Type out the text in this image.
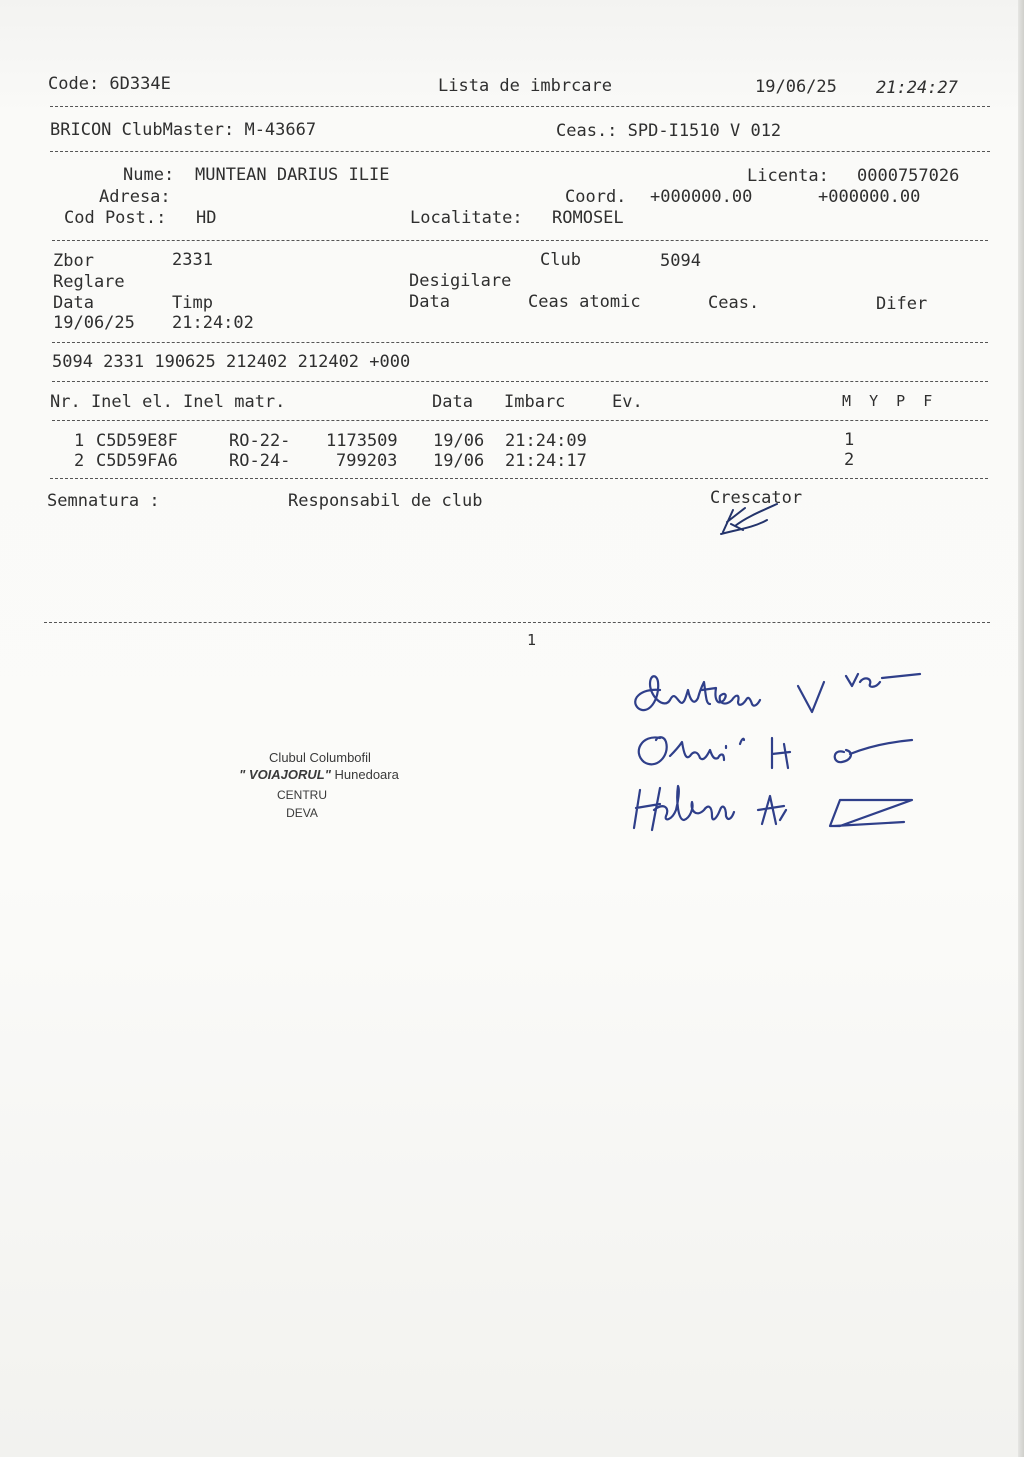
Code: 6D334E	Lista de imbrcare	19/06/25 21:24:27
BRICON ClubMaster: M-43667	Ceas.: SPD-I1510 V 012
Nume: MUNTEAN DARIUS ILIE	Licenta: 0000757026
Adresa:	Coord. +000000.00	+000000.00
Cod Post.: HD	Localitate: ROMOSEL
Zbor	2331	Club	5094
Reglare	Desigilare
Data	Timp	Data	Ceas atomic	Ceas.	Difer
19/06/25 21:24:02
5094 2331 190625 212402 212402 +000
Nr. Inel el. Inel matr.	Data Imbarc	Ev.	M  Y  P  F
1 C5D59E8F	RO-22- 1173509 19/06 21:24:09	1
2 C5D59FA6	RO-24-	799203 19/06 21:24:17	2
Semnatura :	Responsabil de club	Crescator
1
Clubul Columbofil
" VOIAJORUL" Hunedoara
CENTRU
DEVA
